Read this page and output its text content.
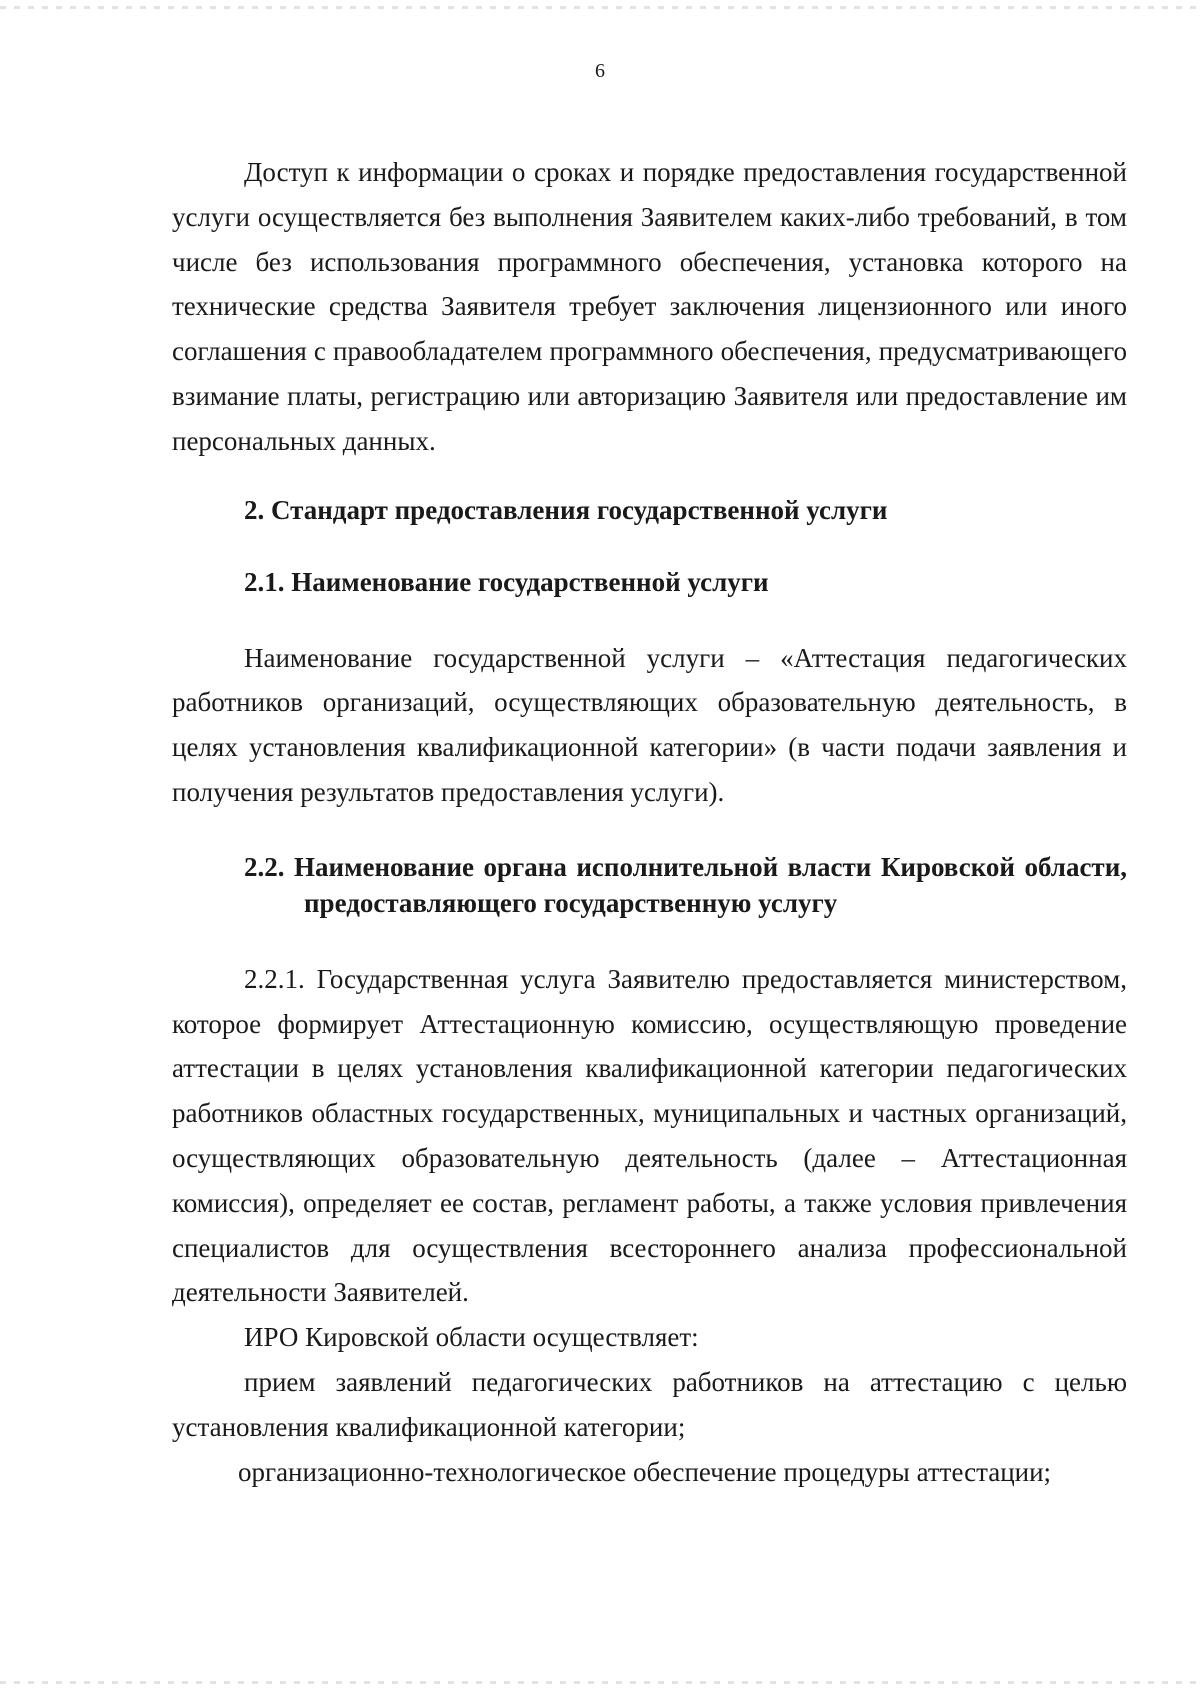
6

Доступ к информации о сроках и порядке предоставления государственной услуги осуществляется без выполнения Заявителем каких-либо требований, в том числе без использования программного обеспечения, установка которого на технические средства Заявителя требует заключения лицензионного или иного соглашения с правообладателем программного обеспечения, предусматривающего взимание платы, регистрацию или авторизацию Заявителя или предоставление им персональных данных.

2. Стандарт предоставления государственной услуги
2.1. Наименование государственной услуги

Наименование государственной услуги – «Аттестация педагогических работников организаций, осуществляющих образовательную деятельность, в целях установления квалификационной категории» (в части подачи заявления и получения результатов предоставления услуги).

2.2. Наименование органа исполнительной власти Кировской области, предоставляющего государственную услугу

2.2.1. Государственная услуга Заявителю предоставляется министерством, которое формирует Аттестационную комиссию, осуществляющую проведение аттестации в целях установления квалификационной категории педагогических работников областных государственных, муниципальных и частных организаций, осуществляющих образовательную деятельность (далее – Аттестационная комиссия), определяет ее состав, регламент работы, а также условия привлечения специалистов для осуществления всестороннего анализа профессиональной деятельности Заявителей.

ИРО Кировской области осуществляет:

прием заявлений педагогических работников на аттестацию с целью установления квалификационной категории;

организационно-технологическое обеспечение процедуры аттестации;
